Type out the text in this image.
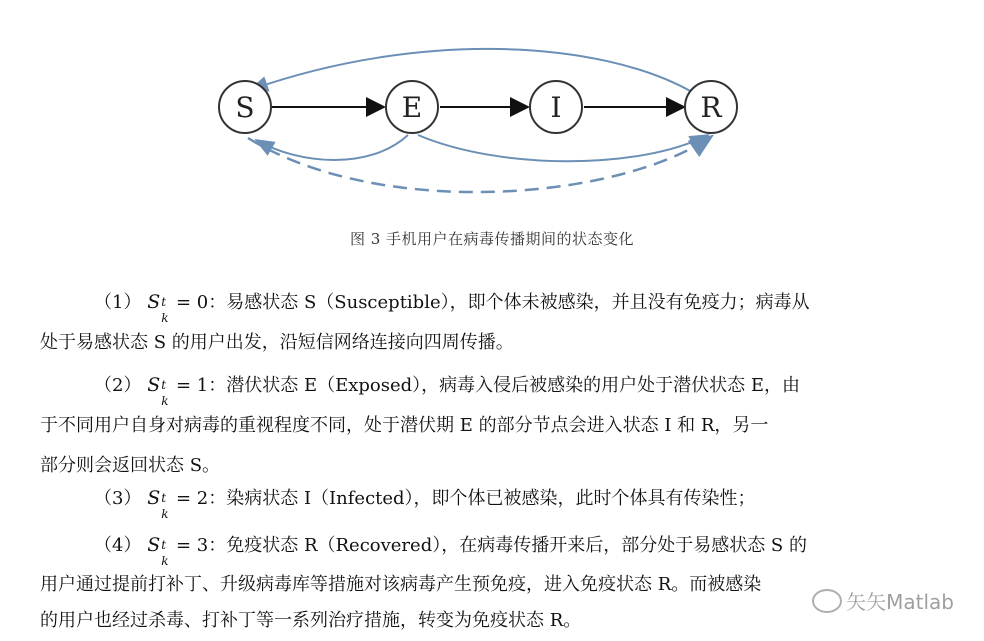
S	E	I	R
图 3 手机用户在病毒传播期间的状态变化
（1） S t
k
= 0：易感状态 S（Susceptible），即个体未被感染，并且没有免疫力；病毒从
处于易感状态 S 的用户出发，沿短信网络连接向四周传播。
（2） S t
k
= 1：潜伏状态 E（Exposed），病毒入侵后被感染的用户处于潜伏状态 E，由
于不同用户自身对病毒的重视程度不同，处于潜伏期 E 的部分节点会进入状态 I 和 R，另一
部分则会返回状态 S。
（3） S t
k
= 2：染病状态 I（Infected），即个体已被感染，此时个体具有传染性；
（4） S t
k
= 3：免疫状态 R（Recovered），在病毒传播开来后，部分处于易感状态 S 的
用户通过提前打补丁、升级病毒库等措施对该病毒产生预免疫，进入免疫状态 R。而被感染
的用户也经过杀毒、打补丁等一系列治疗措施，转变为免疫状态 R。
矢矢Matlab
